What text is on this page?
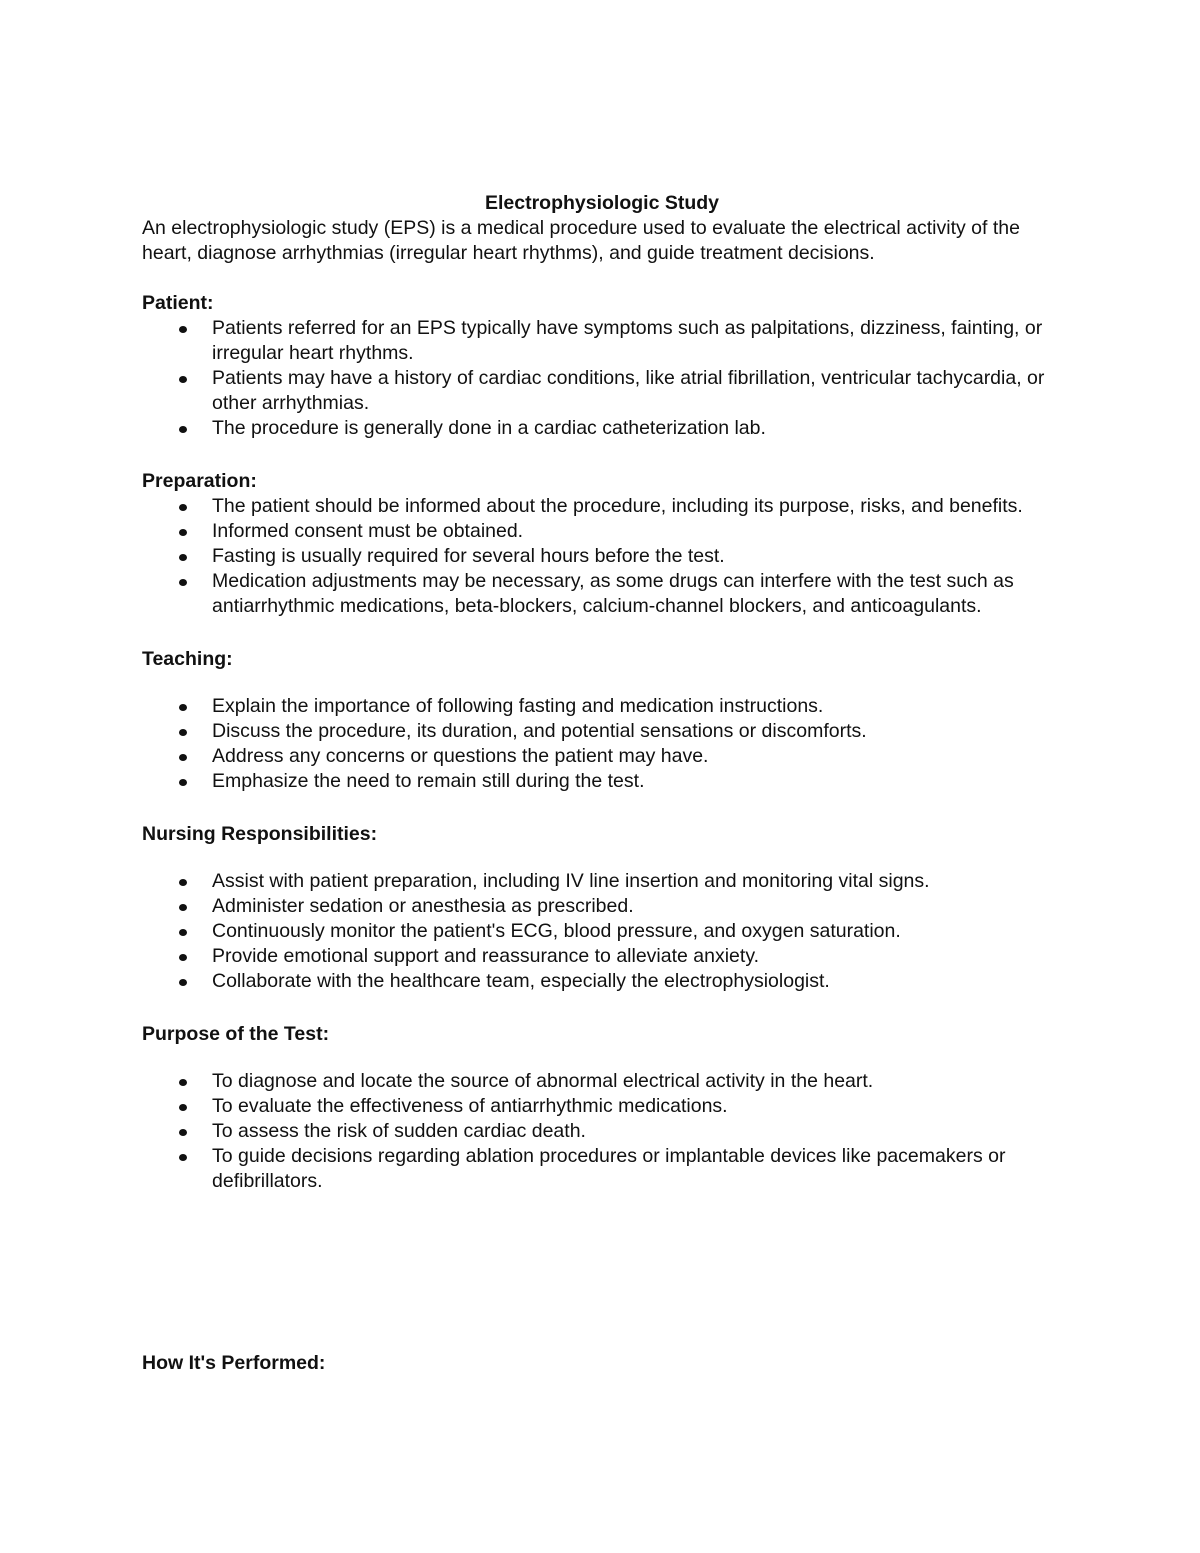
Electrophysiologic Study

An electrophysiologic study (EPS) is a medical procedure used to evaluate the electrical activity of the heart, diagnose arrhythmias (irregular heart rhythms), and guide treatment decisions.

Patient:
Patients referred for an EPS typically have symptoms such as palpitations, dizziness, fainting, or irregular heart rhythms.
Patients may have a history of cardiac conditions, like atrial fibrillation, ventricular tachycardia, or other arrhythmias.
The procedure is generally done in a cardiac catheterization lab.
Preparation:
The patient should be informed about the procedure, including its purpose, risks, and benefits.
Informed consent must be obtained.
Fasting is usually required for several hours before the test.
Medication adjustments may be necessary, as some drugs can interfere with the test such as antiarrhythmic medications, beta-blockers, calcium-channel blockers, and anticoagulants.
Teaching:
Explain the importance of following fasting and medication instructions.
Discuss the procedure, its duration, and potential sensations or discomforts.
Address any concerns or questions the patient may have.
Emphasize the need to remain still during the test.
Nursing Responsibilities:
Assist with patient preparation, including IV line insertion and monitoring vital signs.
Administer sedation or anesthesia as prescribed.
Continuously monitor the patient's ECG, blood pressure, and oxygen saturation.
Provide emotional support and reassurance to alleviate anxiety.
Collaborate with the healthcare team, especially the electrophysiologist.
Purpose of the Test:
To diagnose and locate the source of abnormal electrical activity in the heart.
To evaluate the effectiveness of antiarrhythmic medications.
To assess the risk of sudden cardiac death.
To guide decisions regarding ablation procedures or implantable devices like pacemakers or defibrillators.
How It's Performed:
